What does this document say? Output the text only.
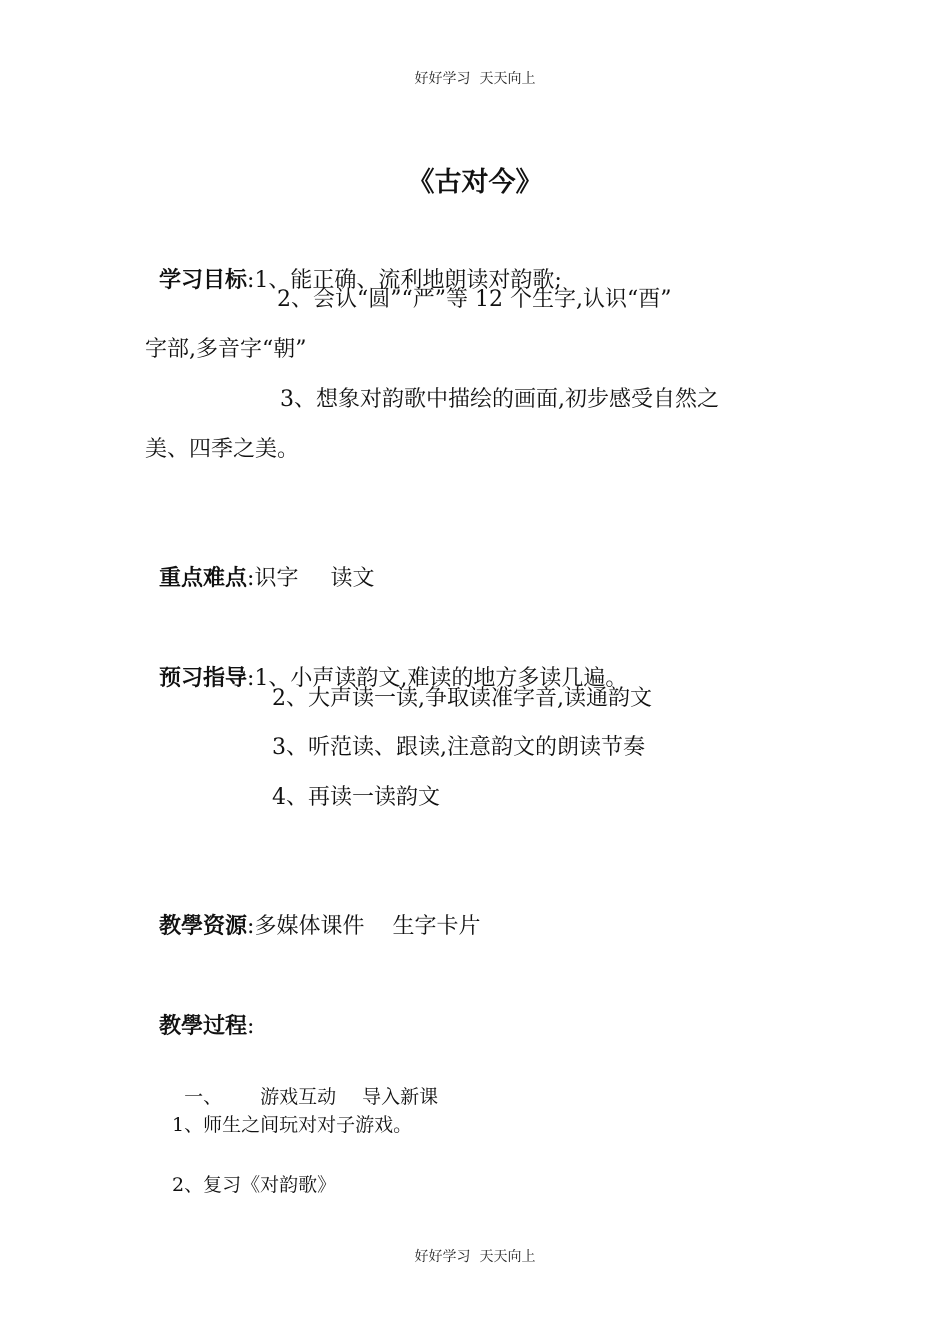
好好学习  天天向上
《古对今》

学习目标:1、能正确、流利地朗读对韵歌;

2、会认“圆”“严”等 12 个生字,认识“酉”
字部,多音字“朝”
3、想象对韵歌中描绘的画面,初步感受自然之
美、四季之美。

重点难点:识字 读文

预习指导:1、小声读韵文,难读的地方多读几遍。

2、大声读一读,争取读准字音,读通韵文
3、听范读、跟读,注意韵文的朗读节奏
4、再读一读韵文

教學资源:多媒体课件 生字卡片

教學过程:

一、 游戏互动 导入新课

1、师生之间玩对对子游戏。
2、复习《对韵歌》
好好学习  天天向上
